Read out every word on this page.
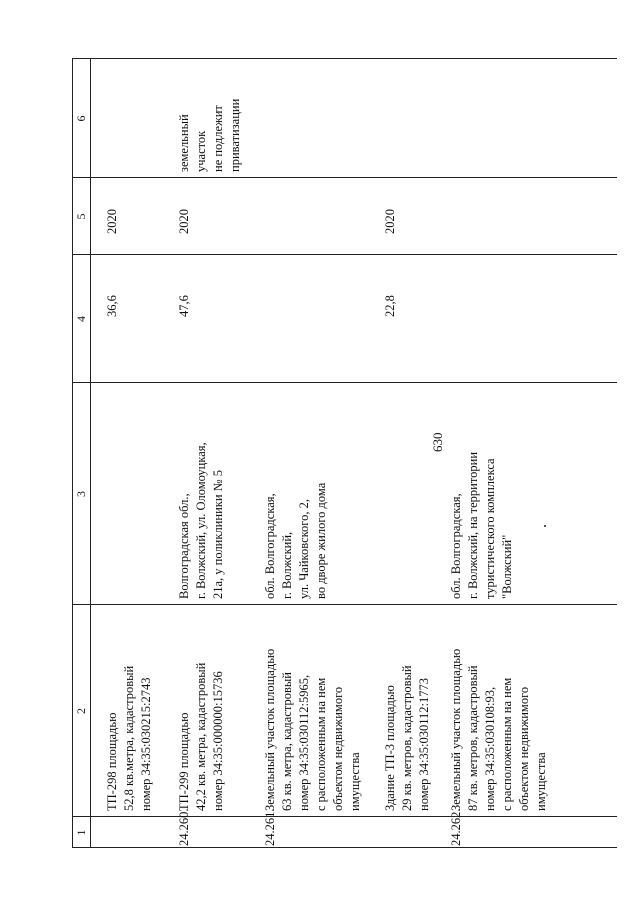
630
1
2
3
4
5
6
ТП-298 площадью
52,8 кв.метра, кадастровый
номер 34:35:030215:2743
36,6
2020
24.260.
ТП-299 площадью
42,2 кв. метра, кадастровый
номер 34:35:000000:15736
Волгоградская обл.,
г. Волжский, ул. Оломоуцкая,
21а, у поликлиники № 5
47,6
2020
земельный
участок
не подлежит
приватизации
24.261.
Земельный участок площадью
63 кв. метра, кадастровый
номер 34:35:030112:5965,
с расположенным на нем
объектом недвижимого
имущества
обл. Волгоградская,
г. Волжский,
ул. Чайковского, 2,
во дворе жилого дома
Здание ТП-3 площадью
29 кв. метров, кадастровый
номер 34:35:030112:1773
22,8
2020
24.262.
Земельный участок площадью
87 кв. метров, кадастровый
номер 34:35:030108:93,
с расположенным на нем
объектом недвижимого
имущества
обл. Волгоградская,
г. Волжский, на территории
туристического комплекса
"Волжский"
